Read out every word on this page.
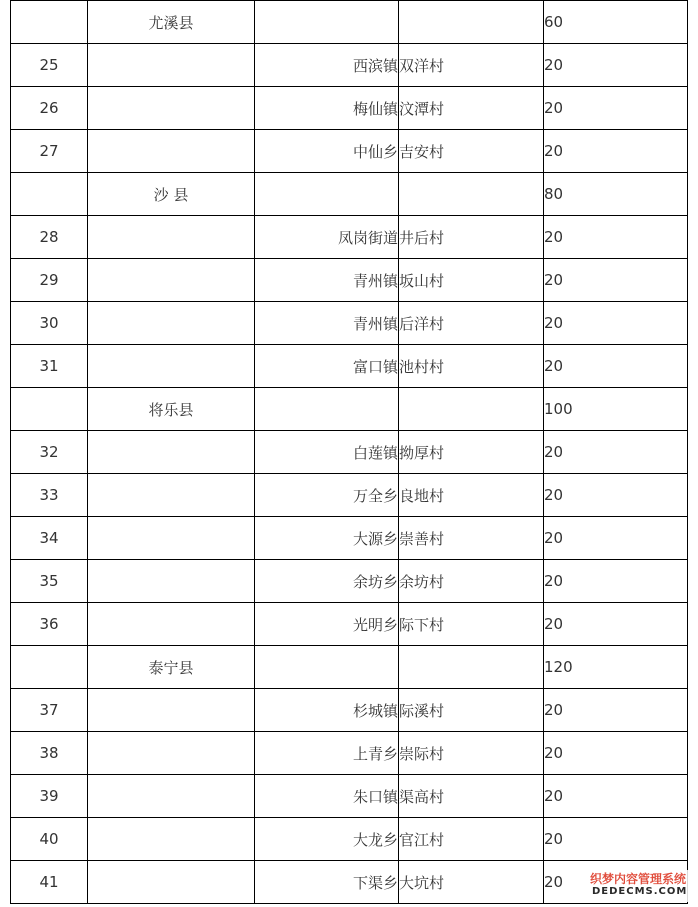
	尤溪县			60
25		西滨镇	双洋村	20
26		梅仙镇	汶潭村	20
27		中仙乡	吉安村	20
	沙 县			80
28		凤岗街道	井后村	20
29		青州镇	坂山村	20
30		青州镇	后洋村	20
31		富口镇	池村村	20
	将乐县			100
32		白莲镇	拗厚村	20
33		万全乡	良地村	20
34		大源乡	崇善村	20
35		余坊乡	余坊村	20
36		光明乡	际下村	20
	泰宁县			120
37		杉城镇	际溪村	20
38		上青乡	崇际村	20
39		朱口镇	渠高村	20
40		大龙乡	官江村	20
41		下渠乡	大坑村	20 织梦内容管理系统
DEDECMS.COM
